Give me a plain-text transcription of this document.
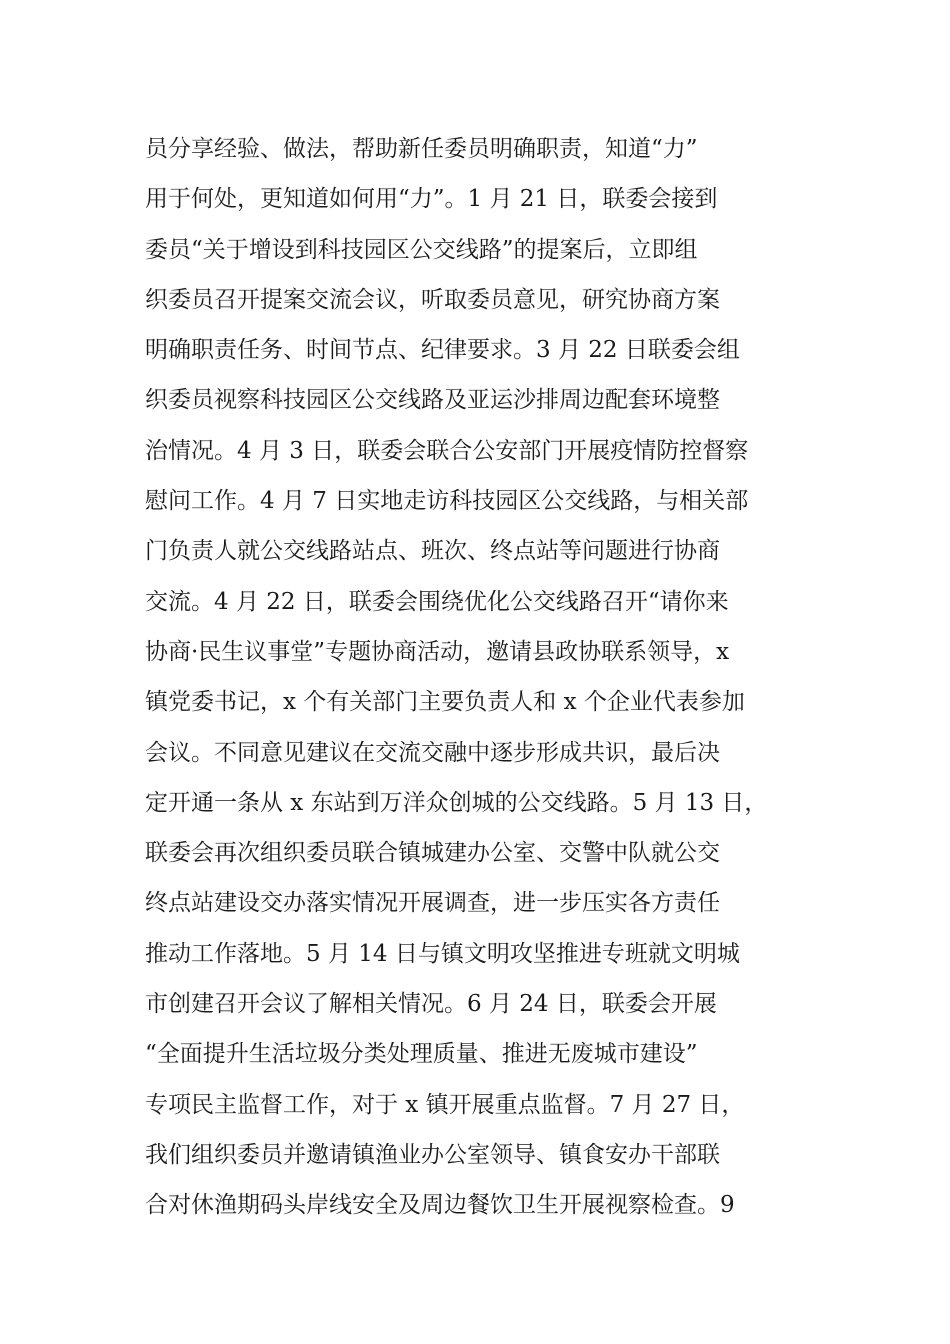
员分享经验、做法，帮助新任委员明确职责，知道“力”
用于何处，更知道如何用“力”。1 月 21 日，联委会接到
委员“关于增设到科技园区公交线路”的提案后，立即组
织委员召开提案交流会议，听取委员意见，研究协商方案
明确职责任务、时间节点、纪律要求。3 月 22 日联委会组
织委员视察科技园区公交线路及亚运沙排周边配套环境整
治情况。4 月 3 日，联委会联合公安部门开展疫情防控督察
慰问工作。4 月 7 日实地走访科技园区公交线路，与相关部
门负责人就公交线路站点、班次、终点站等问题进行协商
交流。4 月 22 日，联委会围绕优化公交线路召开“请你来
协商·民生议事堂”专题协商活动，邀请县政协联系领导，x
镇党委书记，x 个有关部门主要负责人和 x 个企业代表参加
会议。不同意见建议在交流交融中逐步形成共识，最后决
定开通一条从 x 东站到万洋众创城的公交线路。5 月 13 日，
联委会再次组织委员联合镇城建办公室、交警中队就公交
终点站建设交办落实情况开展调查，进一步压实各方责任
推动工作落地。5 月 14 日与镇文明攻坚推进专班就文明城
市创建召开会议了解相关情况。6 月 24 日，联委会开展
“全面提升生活垃圾分类处理质量、推进无废城市建设”
专项民主监督工作，对于 x 镇开展重点监督。7 月 27 日，
我们组织委员并邀请镇渔业办公室领导、镇食安办干部联
合对休渔期码头岸线安全及周边餐饮卫生开展视察检查。9
